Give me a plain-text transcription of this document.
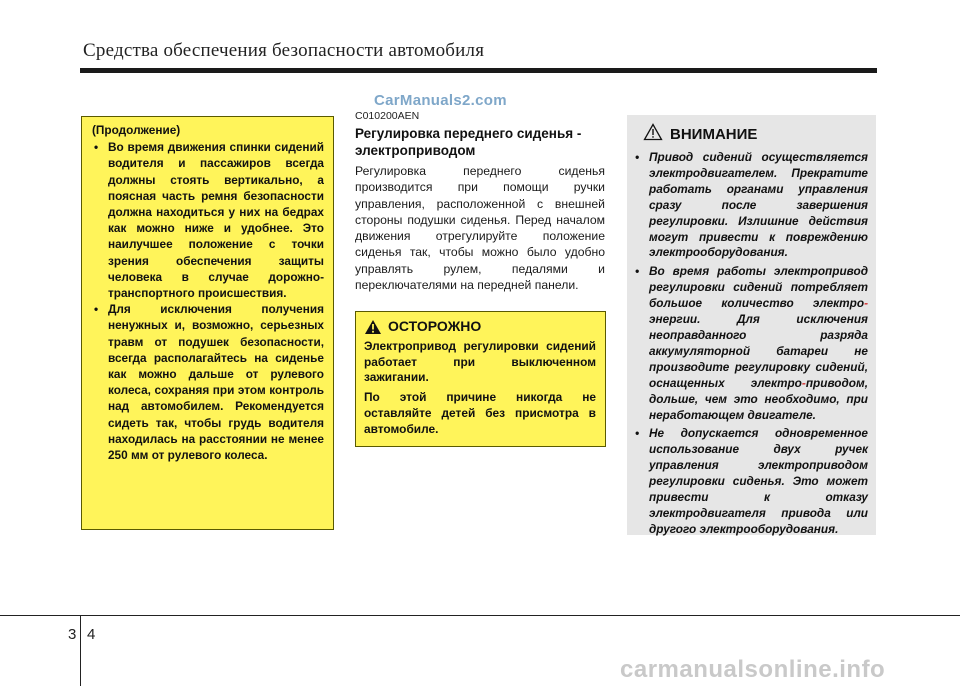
Средства обеспечения безопасности автомобиля
CarManuals2.com
(Продолжение)
• Во время движения спинки сидений водителя и пассажиров всегда должны стоять вертикально, а поясная часть ремня безопасности должна находиться у них на бедрах как можно ниже и удобнее. Это наилучшее положение с точки зрения обеспечения защиты человека в случае дорожно-транспортного происшествия.
• Для исключения получения ненужных и, возможно, серьезных травм от подушек безопасности, всегда располагайтесь на сиденье как можно дальше от рулевого колеса, сохраняя при этом контроль над автомобилем. Рекомендуется сидеть так, чтобы грудь водителя находилась на расстоянии не менее 250 мм от рулевого колеса.
C010200AEN
Регулировка переднего сиденья - электроприводом
Регулировка переднего сиденья производится при помощи ручки управления, расположенной с внешней стороны подушки сиденья. Перед началом движения отрегулируйте положение сиденья так, чтобы можно было удобно управлять рулем, педалями и переключателями на передней панели.
ОСТОРОЖНО

Электропривод регулировки сидений работает при выключенном зажигании.

По этой причине никогда не оставляйте детей без присмотра в автомобиле.

ВНИМАНИЕ
• Привод сидений осуществляется электродвигателем. Прекратите работать органами управления сразу после завершения регулировки. Излишние действия могут привести к повреждению электрооборудования.
• Во время работы электропривод регулировки сидений потребляет большое количество электро- энергии. Для исключения неоправданного разряда аккумуляторной батареи не производите регулировку сидений, оснащенных электро-приводом, дольше, чем это необходимо, при неработающем двигателе.
• Не допускается одновременное использование двух ручек управления электроприводом регулировки сиденья. Это может привести к отказу электродвигателя привода или другого электрооборудования.
3 4
carmanualsonline.info
